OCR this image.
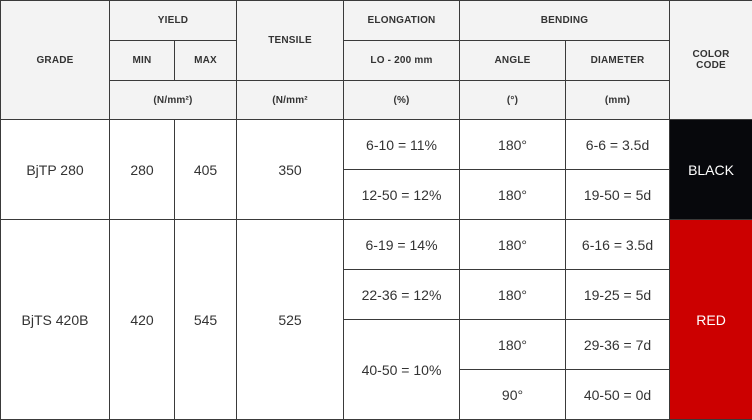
GRADE	YIELD		TENSILE	ELONGATION	BENDING		COLOR
CODE
	MIN	MAX		LO - 200 mm	ANGLE	DIAMETER	
	(N/mm²)		(N/mm²	(%)	(°)	(mm)	
BjTP 280	280	405	350	6-10 = 11%	180°	6-6 = 3.5d	BLACK
				12-50 = 12%	180°	19-50 = 5d	
BjTS 420B	420	545	525	6-19 = 14%	180°	6-16 = 3.5d	RED
				22-36 = 12%	180°	19-25 = 5d	
				40-50 = 10%	180°	29-36 = 7d	
					90°	40-50 = 0d	
